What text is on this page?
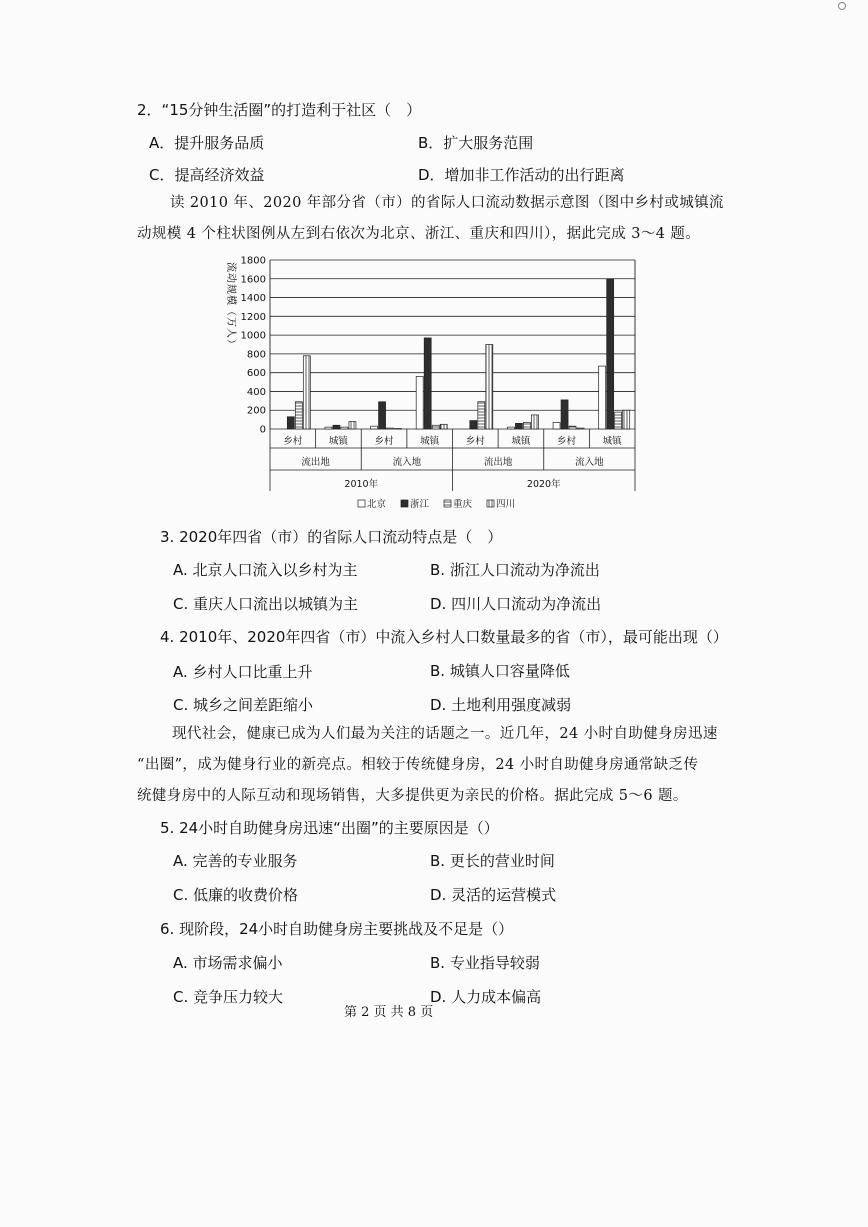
2．“15分钟生活圈”的打造利于社区（　）
A．提升服务品质	B．扩大服务范围
C．提高经济效益	D．增加非工作活动的出行距离
读 2010 年、2020 年部分省（市）的省际人口流动数据示意图（图中乡村或城镇流
动规模 4 个柱状图例从左到右依次为北京、浙江、重庆和四川），据此完成 3～4 题。
0
200
400
600
800
1000
1200
1400
1600
1800
乡村	城镇	乡村	城镇	乡村	城镇	乡村	城镇
流出地	流入地	流出地	流入地
2010年	2020年
北京	浙江	重庆	四川
流动规模（万人）
3. 2020年四省（市）的省际人口流动特点是（　）
A. 北京人口流入以乡村为主	B. 浙江人口流动为净流出
C. 重庆人口流出以城镇为主	D. 四川人口流动为净流出
4. 2010年、2020年四省（市）中流入乡村人口数量最多的省（市），最可能出现（）
A. 乡村人口比重上升	B. 城镇人口容量降低
C. 城乡之间差距缩小	D. 土地利用强度减弱
现代社会，健康已成为人们最为关注的话题之一。近几年，24 小时自助健身房迅速
“出圈”，成为健身行业的新亮点。相较于传统健身房，24 小时自助健身房通常缺乏传
统健身房中的人际互动和现场销售，大多提供更为亲民的价格。据此完成 5～6 题。
5. 24小时自助健身房迅速“出圈”的主要原因是（）
A. 完善的专业服务	B. 更长的营业时间
C. 低廉的收费价格	D. 灵活的运营模式
6. 现阶段，24小时自助健身房主要挑战及不足是（）
A. 市场需求偏小	B. 专业指导较弱
C. 竞争压力较大	D. 人力成本偏高
第 2 页 共 8 页
